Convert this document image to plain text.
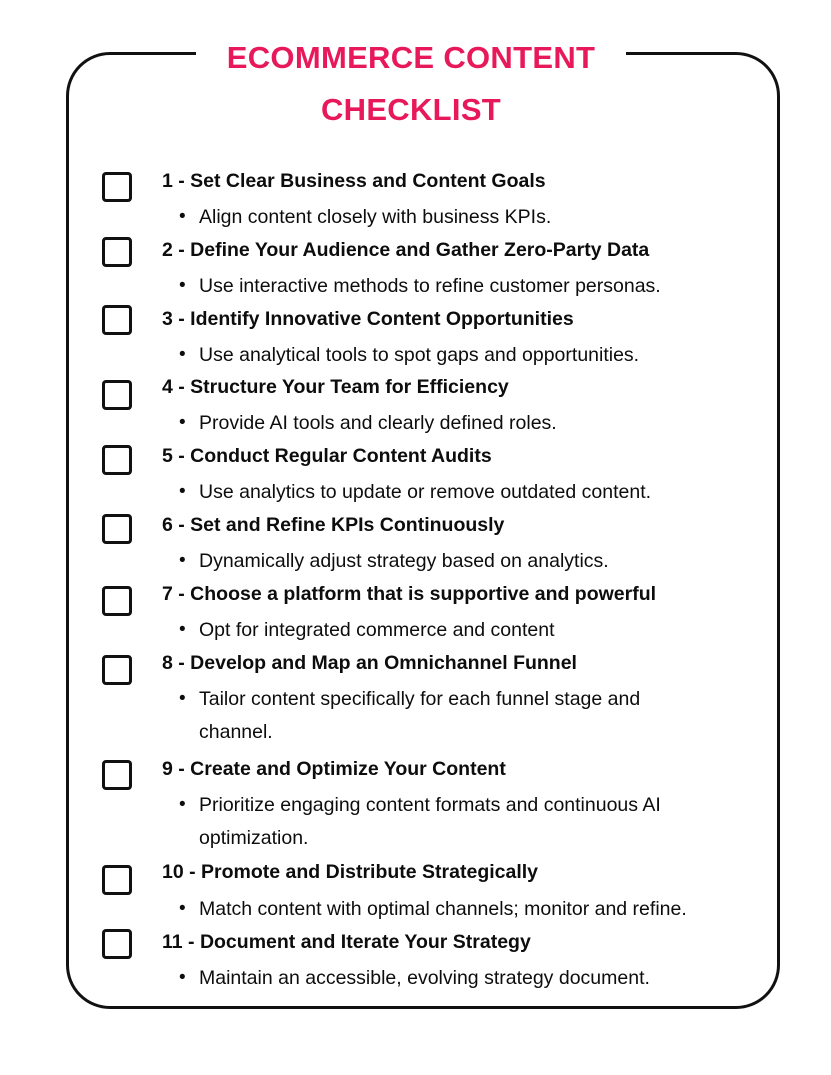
ECOMMERCE CONTENT
CHECKLIST
1 - Set Clear Business and Content Goals
• Align content closely with business KPIs.
2 - Define Your Audience and Gather Zero-Party Data
• Use interactive methods to refine customer personas.
3 - Identify Innovative Content Opportunities
• Use analytical tools to spot gaps and opportunities.
4 - Structure Your Team for Efficiency
• Provide AI tools and clearly defined roles.
5 - Conduct Regular Content Audits
• Use analytics to update or remove outdated content.
6 - Set and Refine KPIs Continuously
• Dynamically adjust strategy based on analytics.
7 - Choose a platform that is supportive and powerful
• Opt for integrated commerce and content
8 - Develop and Map an Omnichannel Funnel
• Tailor content specifically for each funnel stage and channel.
9 - Create and Optimize Your Content
• Prioritize engaging content formats and continuous AI optimization.
10 - Promote and Distribute Strategically
• Match content with optimal channels; monitor and refine.
11 - Document and Iterate Your Strategy
• Maintain an accessible, evolving strategy document.
